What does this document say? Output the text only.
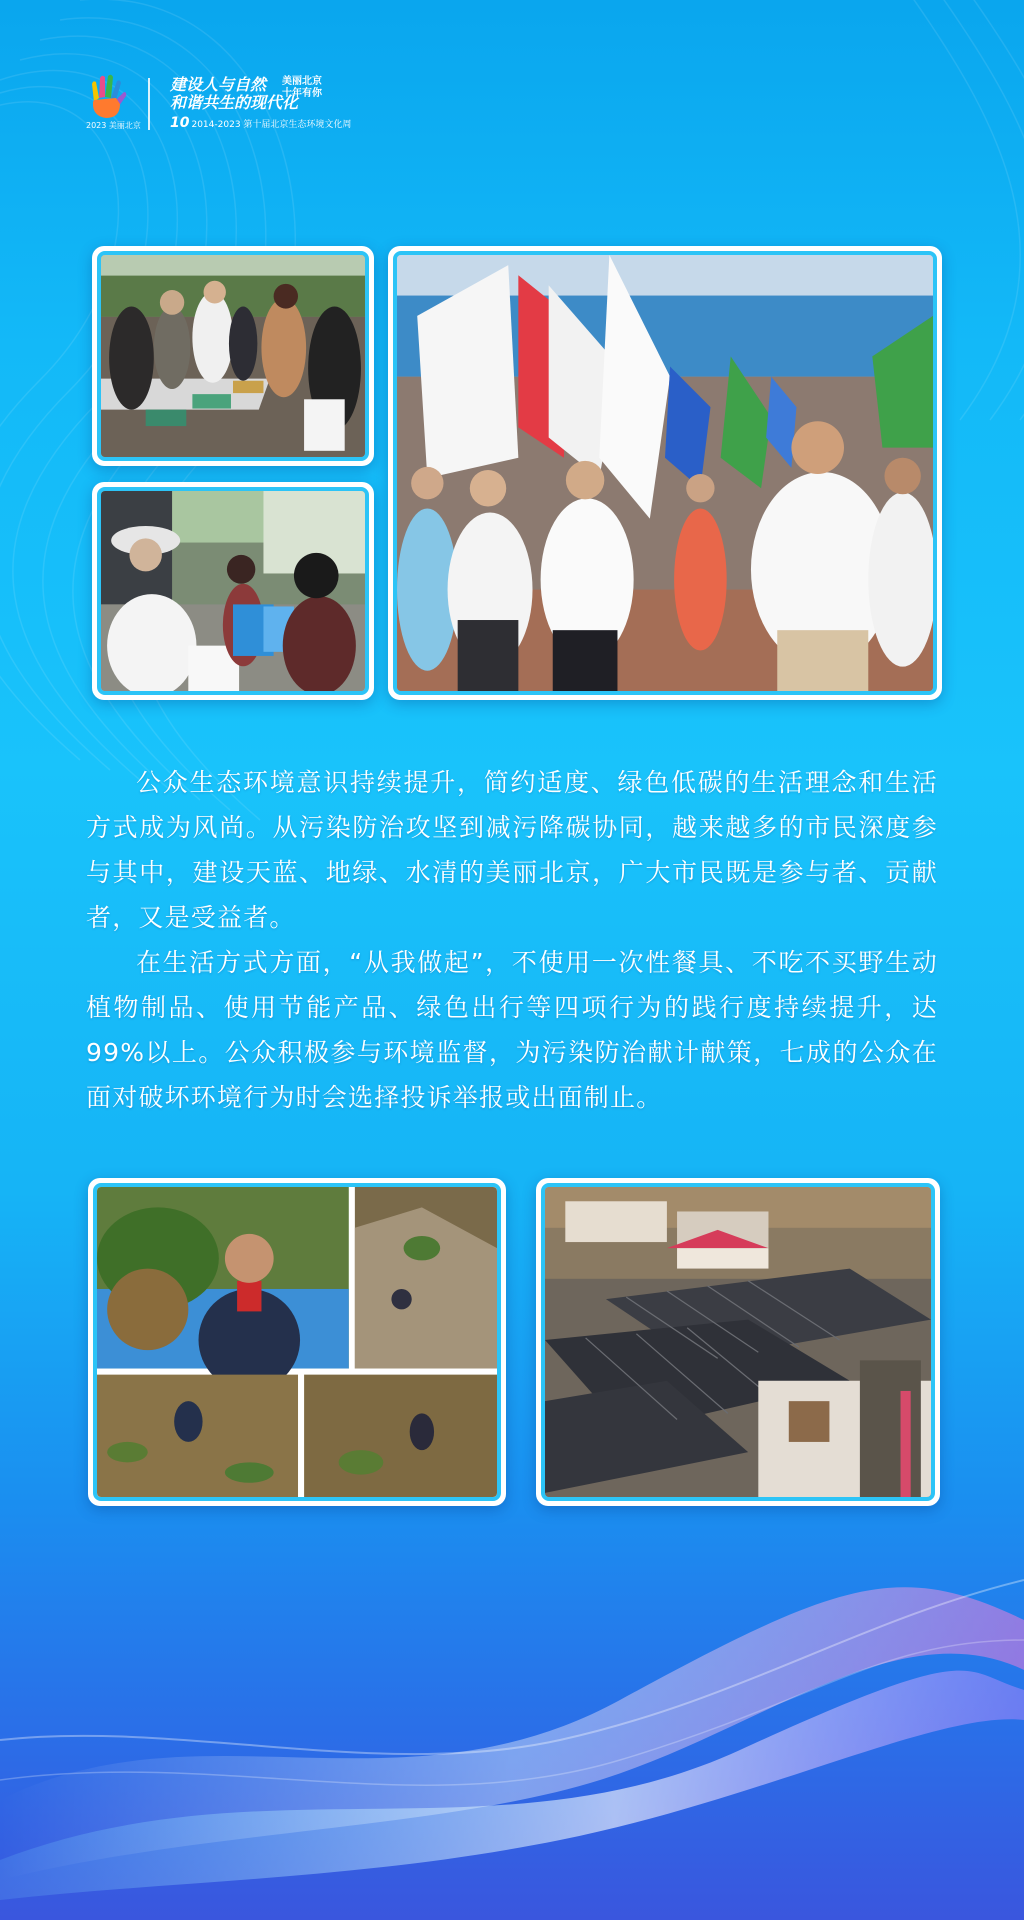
2023 美丽北京
建设人与自然
和谐共生的现代化
美丽北京
十年有你
10 2014-2023 第十届北京生态环境文化周

公众生态环境意识持续提升，简约适度、绿色低碳的生活理念和生活方式成为风尚。从污染防治攻坚到减污降碳协同，越来越多的市民深度参与其中，建设天蓝、地绿、水清的美丽北京，广大市民既是参与者、贡献者，又是受益者。

在生活方式方面，“从我做起”，不使用一次性餐具、不吃不买野生动植物制品、使用节能产品、绿色出行等四项行为的践行度持续提升，达99%以上。公众积极参与环境监督，为污染防治献计献策，七成的公众在面对破坏环境行为时会选择投诉举报或出面制止。
